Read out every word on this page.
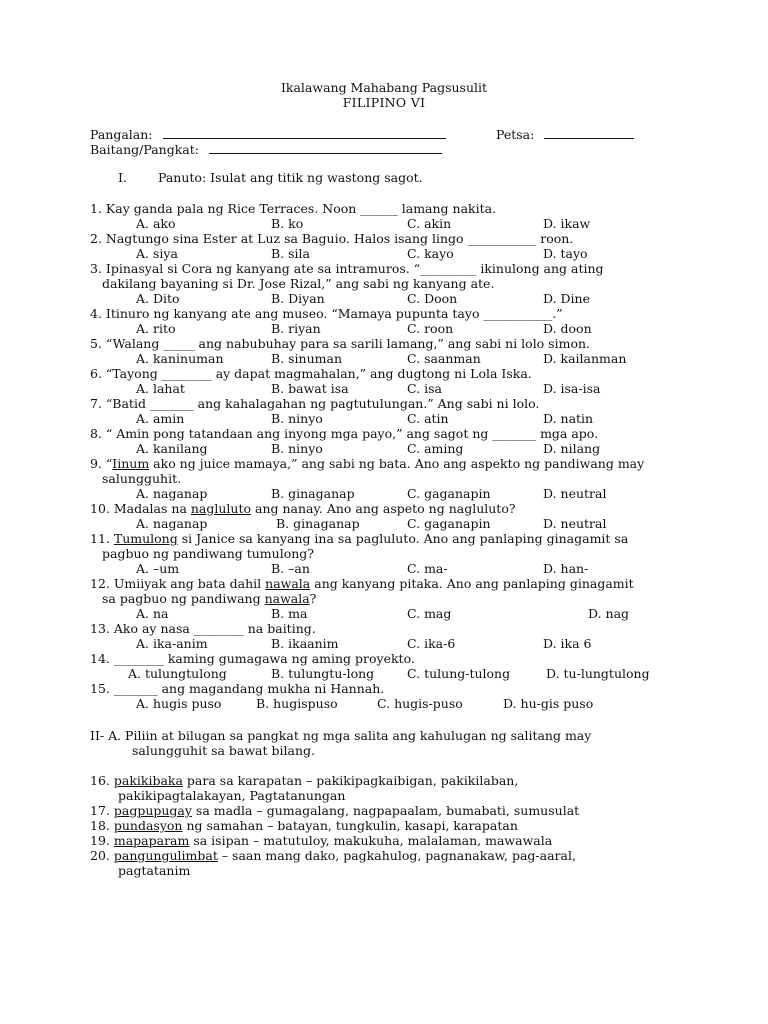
Ikalawang Mahabang Pagsusulit
FILIPINO VI
Pangalan:	Petsa:
Baitang/Pangkat:
I. Panuto: Isulat ang titik ng wastong sagot.
1. Kay ganda pala ng Rice Terraces. Noon ______ lamang nakita.
A. ako	B. ko	C. akin	D. ikaw
2. Nagtungo sina Ester at Luz sa Baguio. Halos isang lingo ___________ roon.
A. siya	B. sila	C. kayo	D. tayo
3. Ipinasyal si Cora ng kanyang ate sa intramuros. “_________ ikinulong ang ating
dakilang bayaning si Dr. Jose Rizal,” ang sabi ng kanyang ate.
A. Dito	B. Diyan	C. Doon	D. Dine
4. Itinuro ng kanyang ate ang museo. “Mamaya pupunta tayo ___________.”
A. rito	B. riyan	C. roon	D. doon
5. “Walang _____ ang nabubuhay para sa sarili lamang,” ang sabi ni lolo simon.
A. kaninuman	B. sinuman	C. saanman	D. kailanman
6. “Tayong ________ ay dapat magmahalan,” ang dugtong ni Lola Iska.
A. lahat	B. bawat isa	C. isa	D. isa-isa
7. “Batid _______ ang kahalagahan ng pagtutulungan.” Ang sabi ni lolo.
A. amin	B. ninyo	C. atin	D. natin
8. “ Amin pong tatandaan ang inyong mga payo,” ang sagot ng _______ mga apo.
A. kanilang	B. ninyo	C. aming	D. nilang
9. “Iinum ako ng juice mamaya,” ang sabi ng bata. Ano ang aspekto ng pandiwang may
salungguhit.
A. naganap	B. ginaganap	C. gaganapin	D. neutral
10. Madalas na nagluluto ang nanay. Ano ang aspeto ng nagluluto?
A. naganap	B. ginaganap	C. gaganapin	D. neutral
11. Tumulong si Janice sa kanyang ina sa pagluluto. Ano ang panlaping ginagamit sa
pagbuo ng pandiwang tumulong?
A. –um	B. –an	C. ma-	D. han-
12. Umiiyak ang bata dahil nawala ang kanyang pitaka. Ano ang panlaping ginagamit
sa pagbuo ng pandiwang nawala?
A. na	B. ma	C. mag	D. nag
13. Ako ay nasa ________ na baiting.
A. ika-anim	B. ikaanim	C. ika-6	D. ika 6
14. ________ kaming gumagawa ng aming proyekto.
A. tulungtulong	B. tulungtu-long	C. tulung-tulong	D. tu-lungtulong
15. _______ ang magandang mukha ni Hannah.
A. hugis puso	B. hugispuso	C. hugis-puso	D. hu-gis puso
II- A. Piliin at bilugan sa pangkat ng mga salita ang kahulugan ng salitang may
salungguhit sa bawat bilang.
16. pakikibaka para sa karapatan – pakikipagkaibigan, pakikilaban,
pakikipagtalakayan, Pagtatanungan
17. pagpupugay sa madla – gumagalang, nagpapaalam, bumabati, sumusulat
18. pundasyon ng samahan – batayan, tungkulin, kasapi, karapatan
19. mapaparam sa isipan – matutuloy, makukuha, malalaman, mawawala
20. pangungulimbat – saan mang dako, pagkahulog, pagnanakaw, pag-aaral,
pagtatanim
